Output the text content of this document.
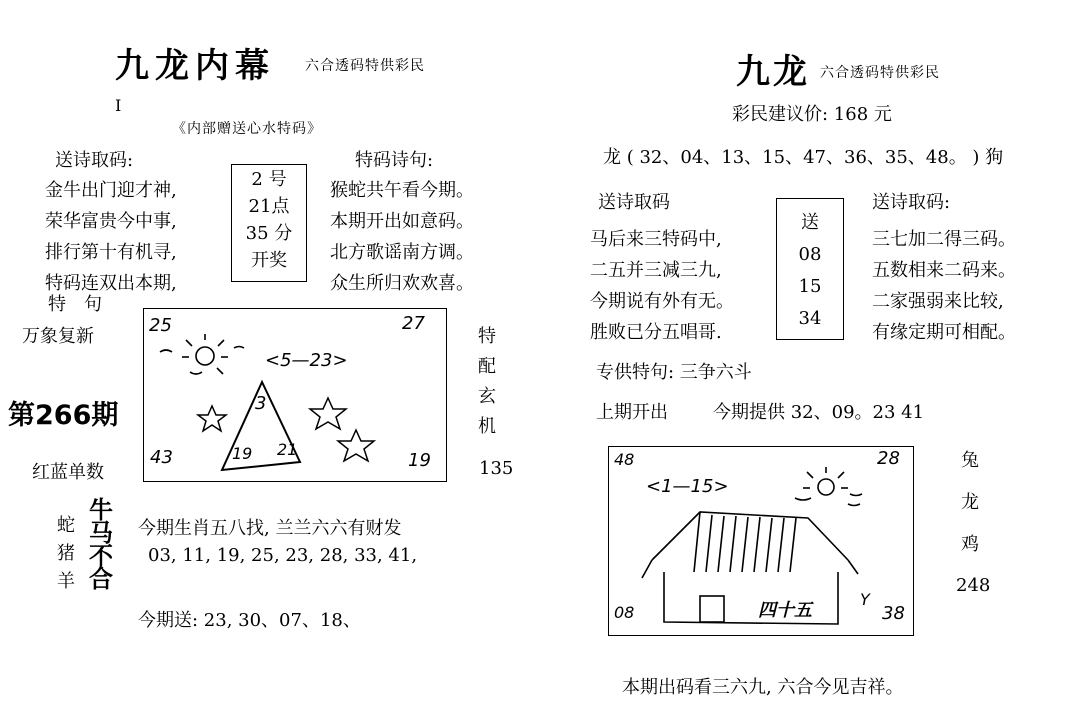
九龙内幕 六合透码特供彩民
I
《内部赠送心水特码》
送诗取码:
金牛出门迎才神,
荣华富贵今中事,
排行第十有机寻,
特码连双出本期,
特　句
2 号
21点
35 分
开奖
特码诗句:
猴蛇共午看今期。
本期开出如意码。
北方歌谣南方调。
众生所归欢欢喜。
万象复新
第266期
红蓝单数
特
配
玄
机
135
25	27
43	19
<5—23>
3
19 21
蛇
猪
羊
牛
马
不
合
今期生肖五八找, 兰兰六六有财发
03, 11, 19, 25, 23, 28, 33, 41,
今期送: 23, 30、07、18、
九龙 六合透码特供彩民
彩民建议价: 168 元
龙 ( 32、04、13、15、47、36、35、48。 ) 狗
送诗取码
马后来三特码中,
二五并三减三九,
今期说有外有无。
胜败已分五唱哥.
送
08
15
34
送诗取码:
三七加二得三码。
五数相来二码来。
二家强弱来比较,
有缘定期可相配。
专供特句: 三争六斗
上期开出	今期提供 32、09。23 41
48	28
08	38
<1—15>
四十五
Y
兔
龙
鸡
248
本期出码看三六九, 六合今见吉祥。
